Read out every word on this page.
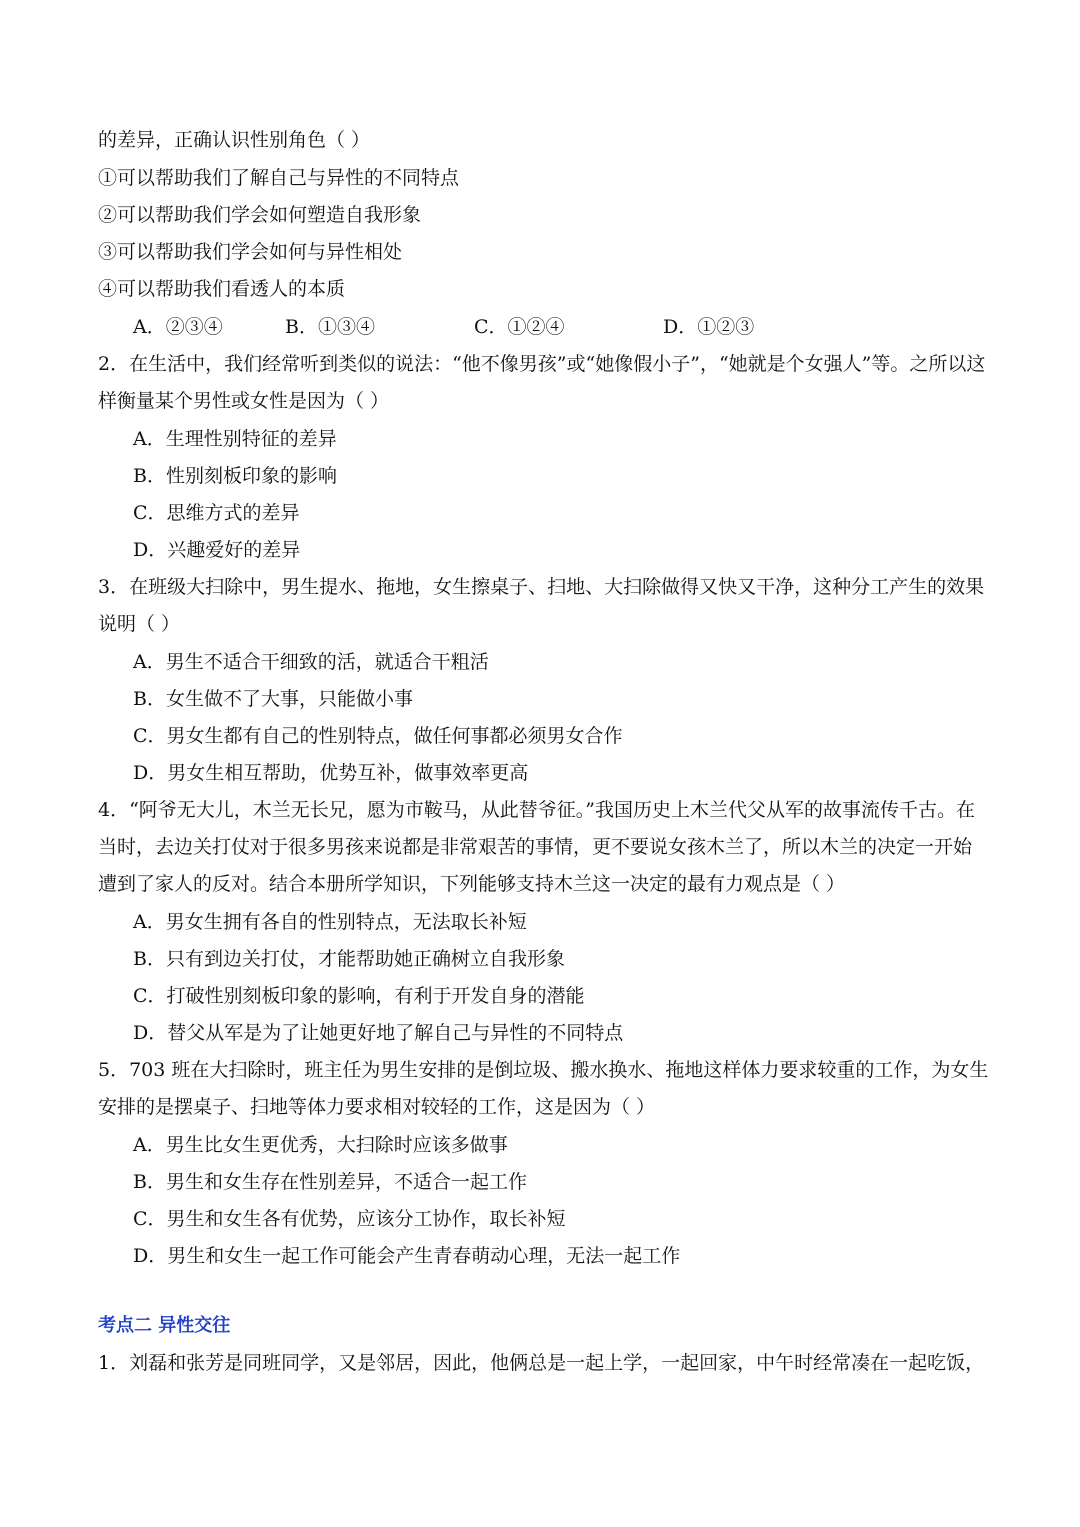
的差异，正确认识性别角色（ ）
①可以帮助我们了解自己与异性的不同特点
②可以帮助我们学会如何塑造自我形象
③可以帮助我们学会如何与异性相处
④可以帮助我们看透人的本质
A．②③④	B．①③④	C．①②④	D．①②③
2．在生活中，我们经常听到类似的说法：“他不像男孩”或“她像假小子”，“她就是个女强人”等。之所以这
样衡量某个男性或女性是因为（ ）
A．生理性别特征的差异
B．性别刻板印象的影响
C．思维方式的差异
D．兴趣爱好的差异
3．在班级大扫除中，男生提水、拖地，女生擦桌子、扫地、大扫除做得又快又干净，这种分工产生的效果
说明（ ）
A．男生不适合干细致的活，就适合干粗活
B．女生做不了大事，只能做小事
C．男女生都有自己的性别特点，做任何事都必须男女合作
D．男女生相互帮助，优势互补，做事效率更高
4．“阿爷无大儿，木兰无长兄，愿为市鞍马，从此替爷征。”我国历史上木兰代父从军的故事流传千古。在
当时，去边关打仗对于很多男孩来说都是非常艰苦的事情，更不要说女孩木兰了，所以木兰的决定一开始
遭到了家人的反对。结合本册所学知识，下列能够支持木兰这一决定的最有力观点是（ ）
A．男女生拥有各自的性别特点，无法取长补短
B．只有到边关打仗，才能帮助她正确树立自我形象
C．打破性别刻板印象的影响，有利于开发自身的潜能
D．替父从军是为了让她更好地了解自己与异性的不同特点
5．703 班在大扫除时，班主任为男生安排的是倒垃圾、搬水换水、拖地这样体力要求较重的工作，为女生
安排的是摆桌子、扫地等体力要求相对较轻的工作，这是因为（ ）
A．男生比女生更优秀，大扫除时应该多做事
B．男生和女生存在性别差异，不适合一起工作
C．男生和女生各有优势，应该分工协作，取长补短
D．男生和女生一起工作可能会产生青春萌动心理，无法一起工作
考点二 异性交往
1．刘磊和张芳是同班同学，又是邻居，因此，他俩总是一起上学，一起回家，中午时经常凑在一起吃饭，
